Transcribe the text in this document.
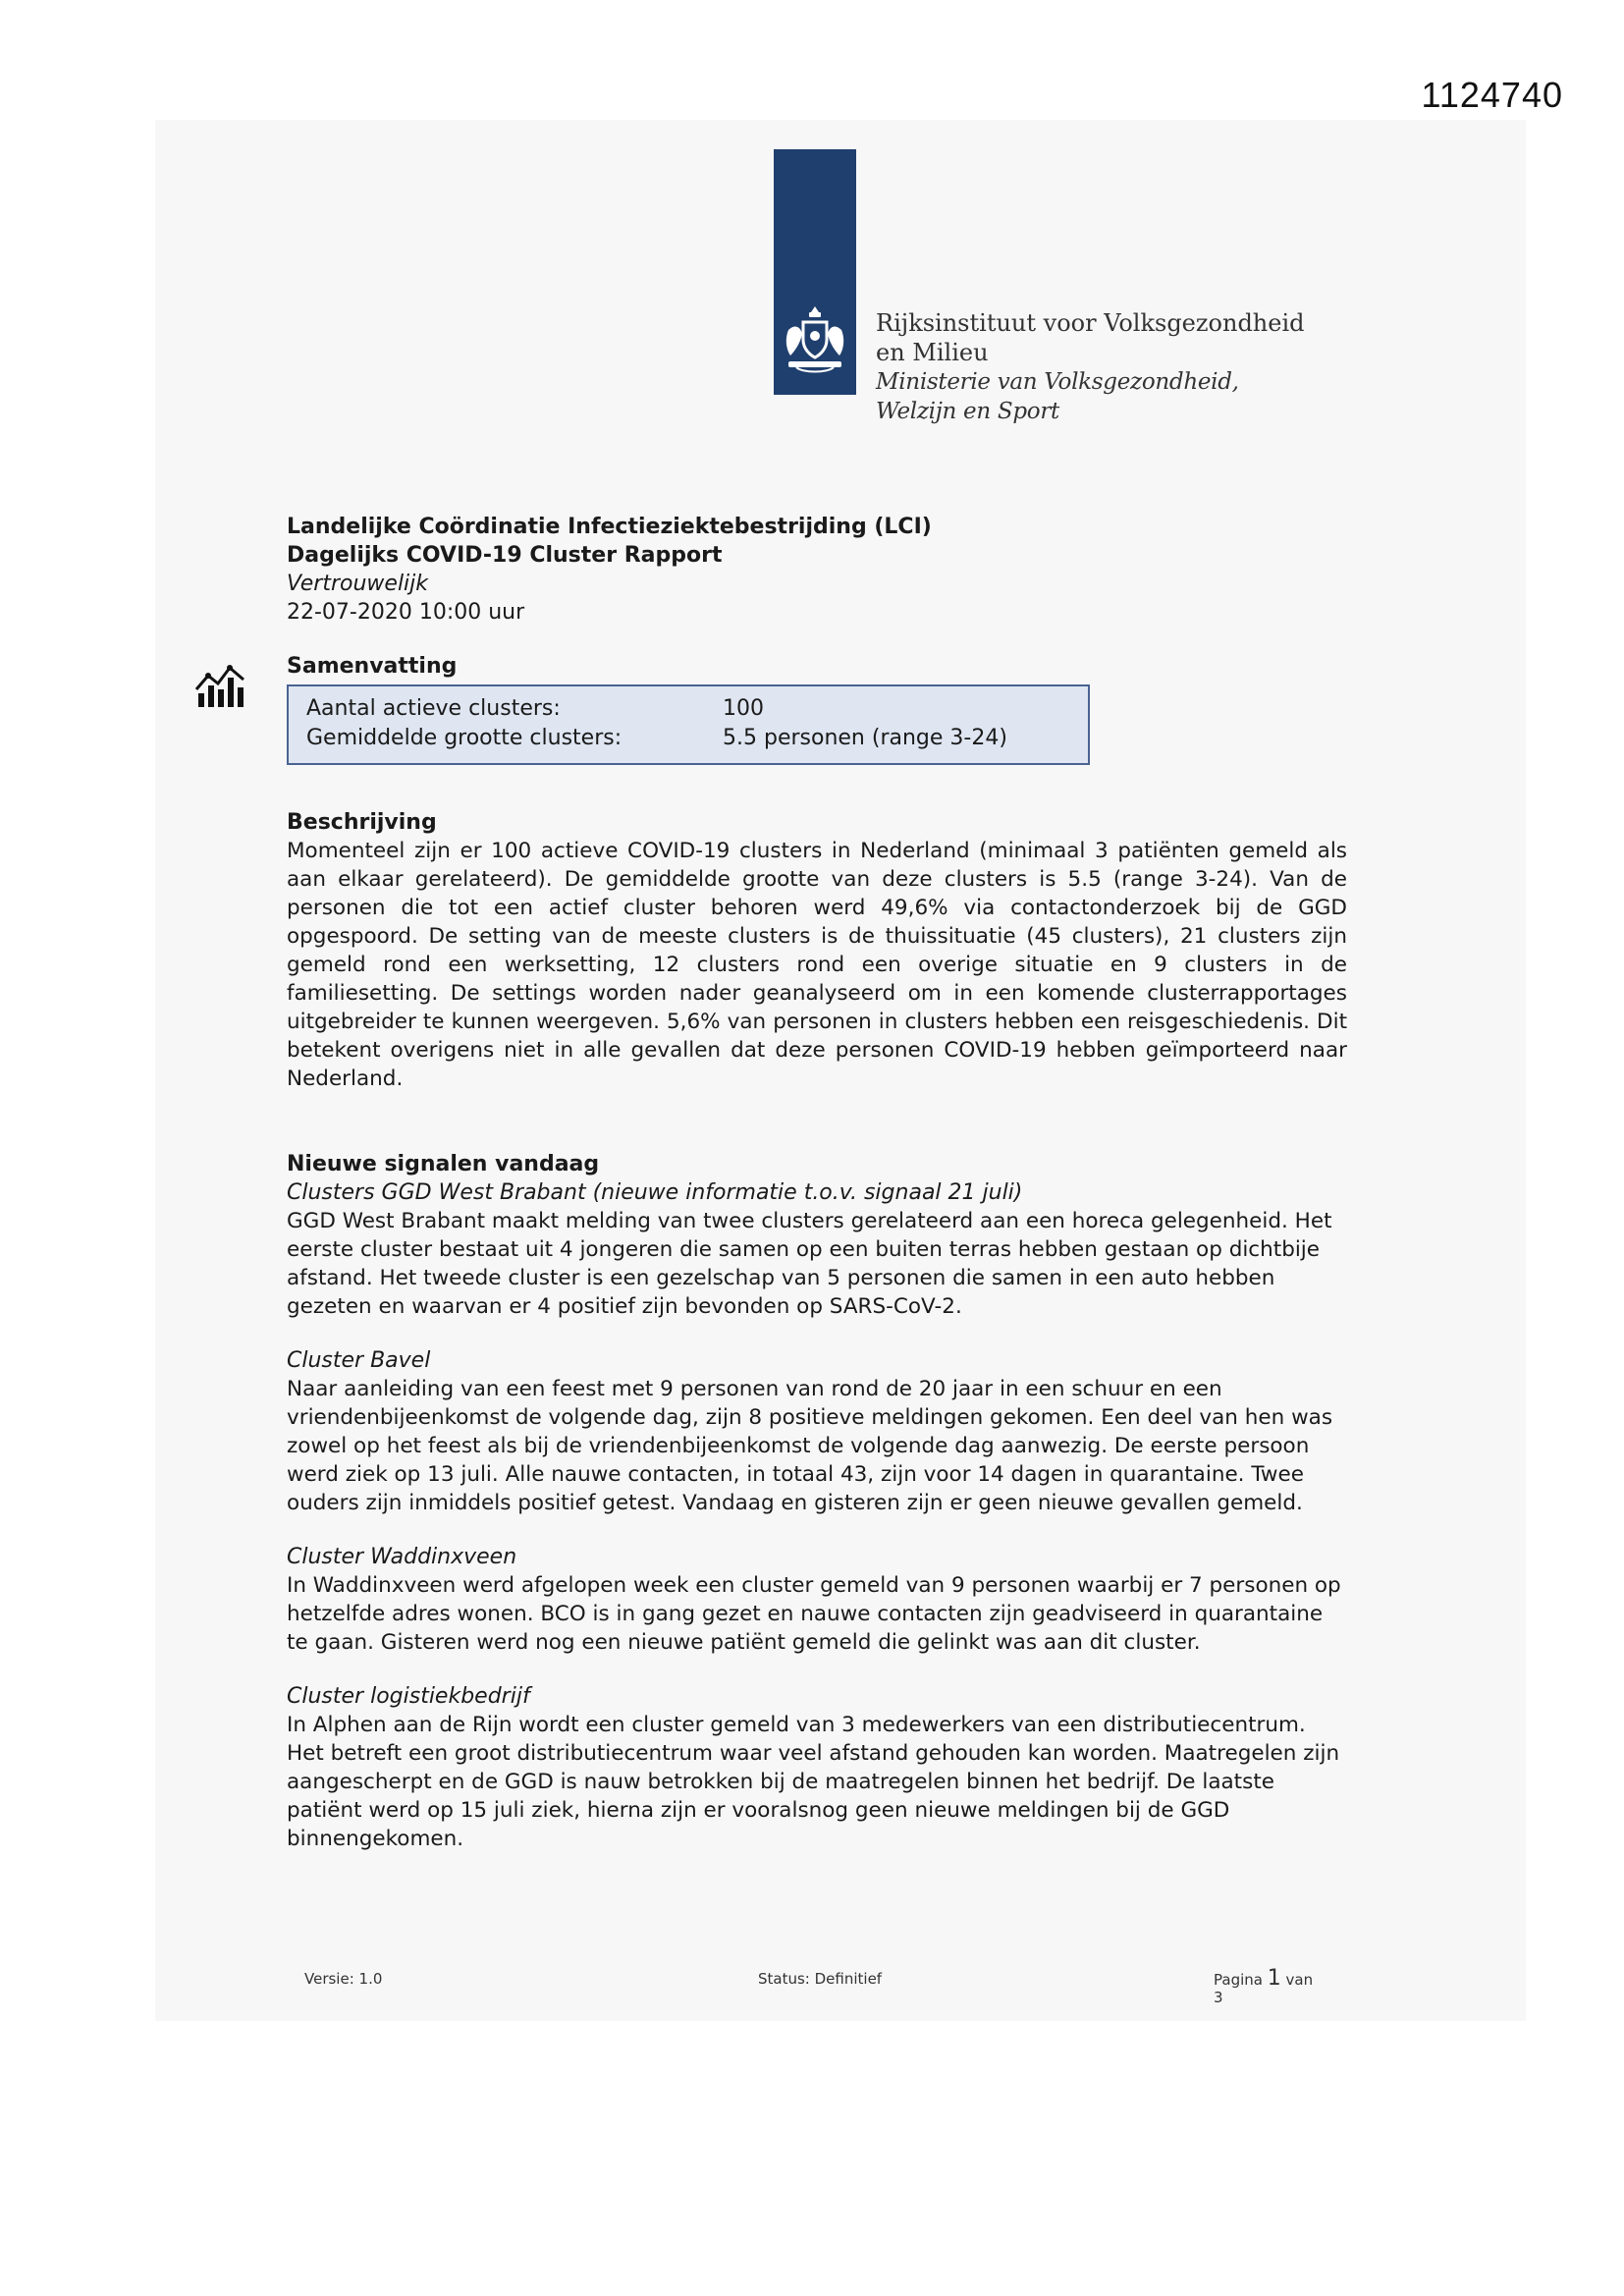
1124740
Rijksinstituut voor Volksgezondheid
en Milieu
Ministerie van Volksgezondheid,
Welzijn en Sport
Landelijke Coördinatie Infectieziektebestrijding (LCI)
Dagelijks COVID-19 Cluster Rapport
Vertrouwelijk
22-07-2020 10:00 uur
Samenvatting
Aantal actieve clusters:	100
Gemiddelde grootte clusters:	5.5 personen (range 3-24)
Beschrijving
Momenteel zijn er 100 actieve COVID-19 clusters in Nederland (minimaal 3 patiënten gemeld als aan elkaar gerelateerd). De gemiddelde grootte van deze clusters is 5.5 (range 3-24). Van de personen die tot een actief cluster behoren werd 49,6% via contactonderzoek bij de GGD opgespoord. De setting van de meeste clusters is de thuissituatie (45 clusters), 21 clusters zijn gemeld rond een werksetting, 12 clusters rond een overige situatie en 9 clusters in de familiesetting. De settings worden nader geanalyseerd om in een komende clusterrapportages uitgebreider te kunnen weergeven. 5,6% van personen in clusters hebben een reisgeschiedenis. Dit betekent overigens niet in alle gevallen dat deze personen COVID-19 hebben geïmporteerd naar Nederland.
Nieuwe signalen vandaag
Clusters GGD West Brabant (nieuwe informatie t.o.v. signaal 21 juli)
GGD West Brabant maakt melding van twee clusters gerelateerd aan een horeca gelegenheid. Het eerste cluster bestaat uit 4 jongeren die samen op een buiten terras hebben gestaan op dichtbije afstand. Het tweede cluster is een gezelschap van 5 personen die samen in een auto hebben gezeten en waarvan er 4 positief zijn bevonden op SARS-CoV-2.
Cluster Bavel
Naar aanleiding van een feest met 9 personen van rond de 20 jaar in een schuur en een vriendenbijeenkomst de volgende dag, zijn 8 positieve meldingen gekomen. Een deel van hen was zowel op het feest als bij de vriendenbijeenkomst de volgende dag aanwezig. De eerste persoon werd ziek op 13 juli. Alle nauwe contacten, in totaal 43, zijn voor 14 dagen in quarantaine. Twee ouders zijn inmiddels positief getest. Vandaag en gisteren zijn er geen nieuwe gevallen gemeld.
Cluster Waddinxveen
In Waddinxveen werd afgelopen week een cluster gemeld van 9 personen waarbij er 7 personen op hetzelfde adres wonen. BCO is in gang gezet en nauwe contacten zijn geadviseerd in quarantaine te gaan. Gisteren werd nog een nieuwe patiënt gemeld die gelinkt was aan dit cluster.
Cluster logistiekbedrijf
In Alphen aan de Rijn wordt een cluster gemeld van 3 medewerkers van een distributiecentrum. Het betreft een groot distributiecentrum waar veel afstand gehouden kan worden. Maatregelen zijn aangescherpt en de GGD is nauw betrokken bij de maatregelen binnen het bedrijf. De laatste patiënt werd op 15 juli ziek, hierna zijn er vooralsnog geen nieuwe meldingen bij de GGD binnengekomen.
Versie: 1.0	Status: Definitief	Pagina 1 van
3
